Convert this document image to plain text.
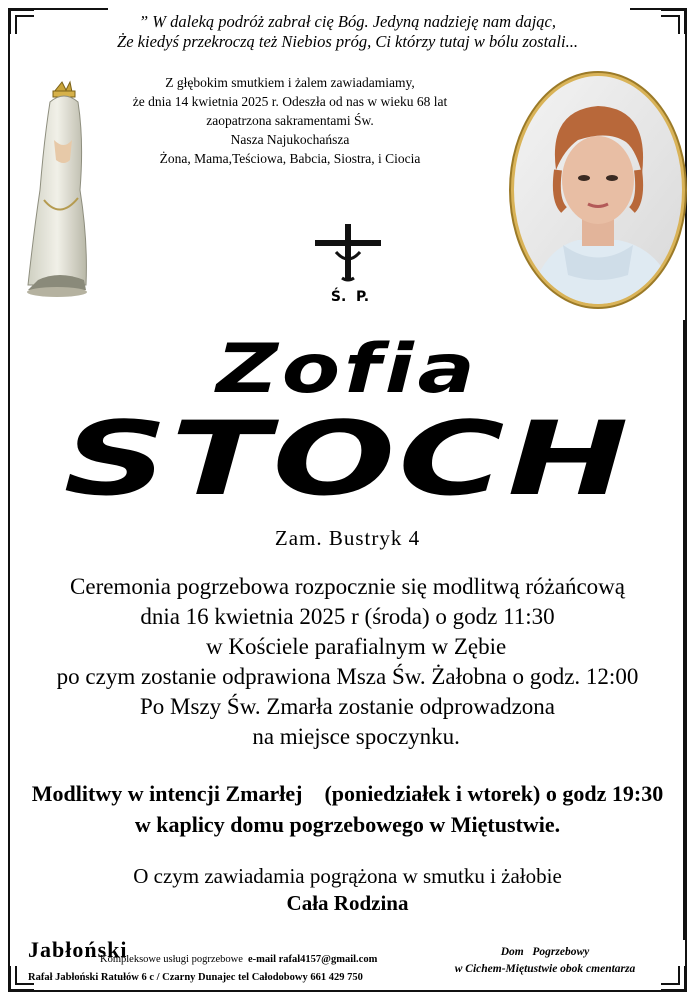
” W daleką podróż zabrał cię Bóg. Jedyną nadzieję nam dając,
Że kiedyś przekroczą też Niebios próg, Ci którzy tutaj w bólu zostali...
Z głębokim smutkiem i żalem zawiadamiamy,
że dnia 14 kwietnia 2025 r. Odeszła od nas w wieku 68 lat
zaopatrzona sakramentami Św.
Nasza Najukochańsza
Żona, Mama,Teściowa, Babcia, Siostra, i Ciocia
Ś.  P.
Zofia
STOCH
Zam. Bustryk 4
Ceremonia pogrzebowa rozpocznie się modlitwą różańcową
dnia 16 kwietnia 2025 r (środa) o godz 11:30
w Kościele parafialnym w Zębie
po czym zostanie odprawiona Msza Św. Żałobna o godz. 12:00
Po Mszy Św. Zmarła zostanie odprowadzona
na miejsce spoczynku.
Modlitwy w intencji Zmarłej    (poniedziałek i wtorek) o godz 19:30
w kaplicy domu pogrzebowego w Miętustwie.
O czym zawiadamia pogrążona w smutku i żałobie
Cała Rodzina
Jabłoński
Kompleksowe usługi pogrzebowe e-mail rafal4157@gmail.com
Rafał Jabłoński Ratułów 6 c / Czarny Dunajec tel Całodobowy 661 429 750
Dom   Pogrzebowy
w Cichem-Miętustwie obok cmentarza
